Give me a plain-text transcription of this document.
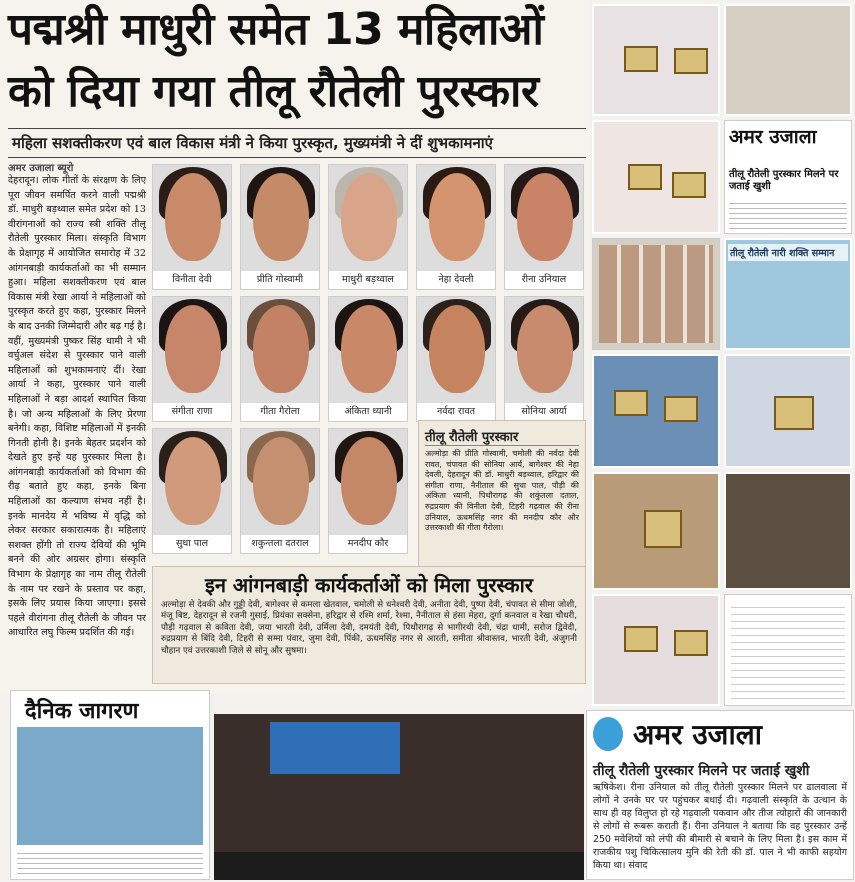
पद्मश्री माधुरी समेत 13 महिलाओं
को दिया गया तीलू रौतेली पुरस्कार
महिला सशक्तीकरण एवं बाल विकास मंत्री ने किया पुरस्कृत, मुख्यमंत्री ने दीं शुभकामनाएं
अमर उजाला ब्यूरो
देहरादून। लोक गीतों के संरक्षण के लिए पूरा जीवन समर्पित करने वाली पद्मश्री डॉ. माधुरी बड़थ्वाल समेत प्रदेश को 13 वीरांगनाओं को राज्य स्त्री शक्ति तीलू रौतेली पुरस्कार मिला। संस्कृति विभाग के प्रेक्षागृह में आयोजित समारोह में 32 आंगनबाड़ी कार्यकर्ताओं का भी सम्मान हुआ। महिला सशक्तीकरण एवं बाल विकास मंत्री रेखा आर्या ने महिलाओं को पुरस्कृत करते हुए कहा, पुरस्कार मिलने के बाद उनकी जिम्मेदारी और बढ़ गई है। वहीं, मुख्यमंत्री पुष्कर सिंह धामी ने भी वर्चुअल संदेश से पुरस्कार पाने वाली महिलाओं को शुभकामनाएं दीं। रेखा आर्या ने कहा, पुरस्कार पाने वाली महिलाओं ने बड़ा आदर्श स्थापित किया है। जो अन्य महिलाओं के लिए प्रेरणा बनेगी। कहा, विशिष्ट महिलाओं में इनकी गिनती होनी है। इनके बेहतर प्रदर्शन को देखते हुए इन्हें यह पुरस्कार मिला है। आंगनबाड़ी कार्यकर्ताओं को विभाग की रीढ़ बताते हुए कहा, इनके बिना महिलाओं का कल्याण संभव नहीं है। इनके मानदेय में भविष्य में वृद्धि को लेकर सरकार सकारात्मक है। महिलाएं सशक्त होंगी तो राज्य देवियों की भूमि बनने की ओर अग्रसर होगा। संस्कृति विभाग के प्रेक्षागृह का नाम तीलू रौतेली के नाम पर रखने के प्रस्ताव पर कहा, इसके लिए प्रयास किया जाएगा। इससे पहले वीरांगना तीलू रौतेली के जीवन पर आधारित लघु फिल्म प्रदर्शित की गई।
विनीता देवी	प्रीति गोस्वामी	माधुरी बड़थ्वाल	नेहा देवली	रीना उनियाल
संगीता राणा	गीता गैरोला	अंकिता ध्यानी	नर्वदा रावत	सोनिया आर्या
सुधा पाल	शकुन्तला दतराल	मनदीप कौर
तीलू रौतेली पुरस्कार
अल्मोड़ा की प्रीति गोस्वामी, चमोली की नर्वदा देवी रावत, चंपावत की सोनिया आर्य, बागेश्वर की नेहा देवली, देहरादून की डॉ. माधुरी बड़थ्वाल, हरिद्वार की संगीता राणा, नैनीताल की सुधा पाल, पौड़ी की अंकिता ध्यानी, पिथौरागढ़ की शकुंतला दताल, रुद्रप्रयाग की विनीता देवी, टिहरी गढ़वाल की रीना उनियाल, ऊधमसिंह नगर की मनदीप कौर और उत्तरकाशी की गीता गैरोला।
इन आंगनबाड़ी कार्यकर्ताओं को मिला पुरस्कार
अल्मोड़ा से देवकी और गुड्डी देवी, बागेश्वर से कमला खेतवाल, चमोली से धनेश्वरी देवी, अनीता देवी, पुष्पा देवी, चंपावत से सीमा जोशी, मंजू बिष्ट, देहरादून से रजनी गुसाईं, प्रियंका सक्सेना, हरिद्वार से रश्मि शर्मा, रेश्मा, नैनीताल से हंसा मेहरा, दुर्गा कनवाल व रेखा चौधरी, पौड़ी गढ़वाल से कविता देवी, जया भारती देवी, उर्मिला देवी, दमयंती देवी, पिथौरागढ़ से भागीरथी देवी, चंद्रा धामी, सरोज द्विवेदी, रुद्रप्रयाग से बिंदि देवी, टिहरी से सम्मा पंवार, जुमा देवी, पिंकी, ऊधमसिंह नगर से आरती, समीता श्रीवास्तव, भारती देवी, अंजुगनी चौहान एवं उत्तरकाशी जिले से सोनू और सुषमा।
अमर उजाला
तीलू रौतेली पुरस्कार मिलने पर जताई खुशी
तीलू रौतेली नारी शक्ति सम्मान
दैनिक जागरण
अमर उजाला
तीलू रौतेली पुरस्कार मिलने पर जताई खुशी
ऋषिकेश। रीना उनियाल को तीलू रौतेली पुरस्कार मिलने पर ढालवाला में लोगों ने उनके घर पर पहुंचकर बधाई दी। गढ़वाली संस्कृति के उत्थान के साथ ही वह विलुप्त हो रहे गढ़वाली पकवान और तीज त्योहारों की जानकारी से लोगों से रूबरू कराती हैं। रीना उनियाल ने बताया कि वह पुरस्कार उन्हें 250 मवेशियों को लंपी की बीमारी से बचाने के लिए मिला है। इस काम में राजकीय पशु चिकित्सालय मुनि की रेती की डॉ. पाल ने भी काफी सहयोग किया था। संवाद
